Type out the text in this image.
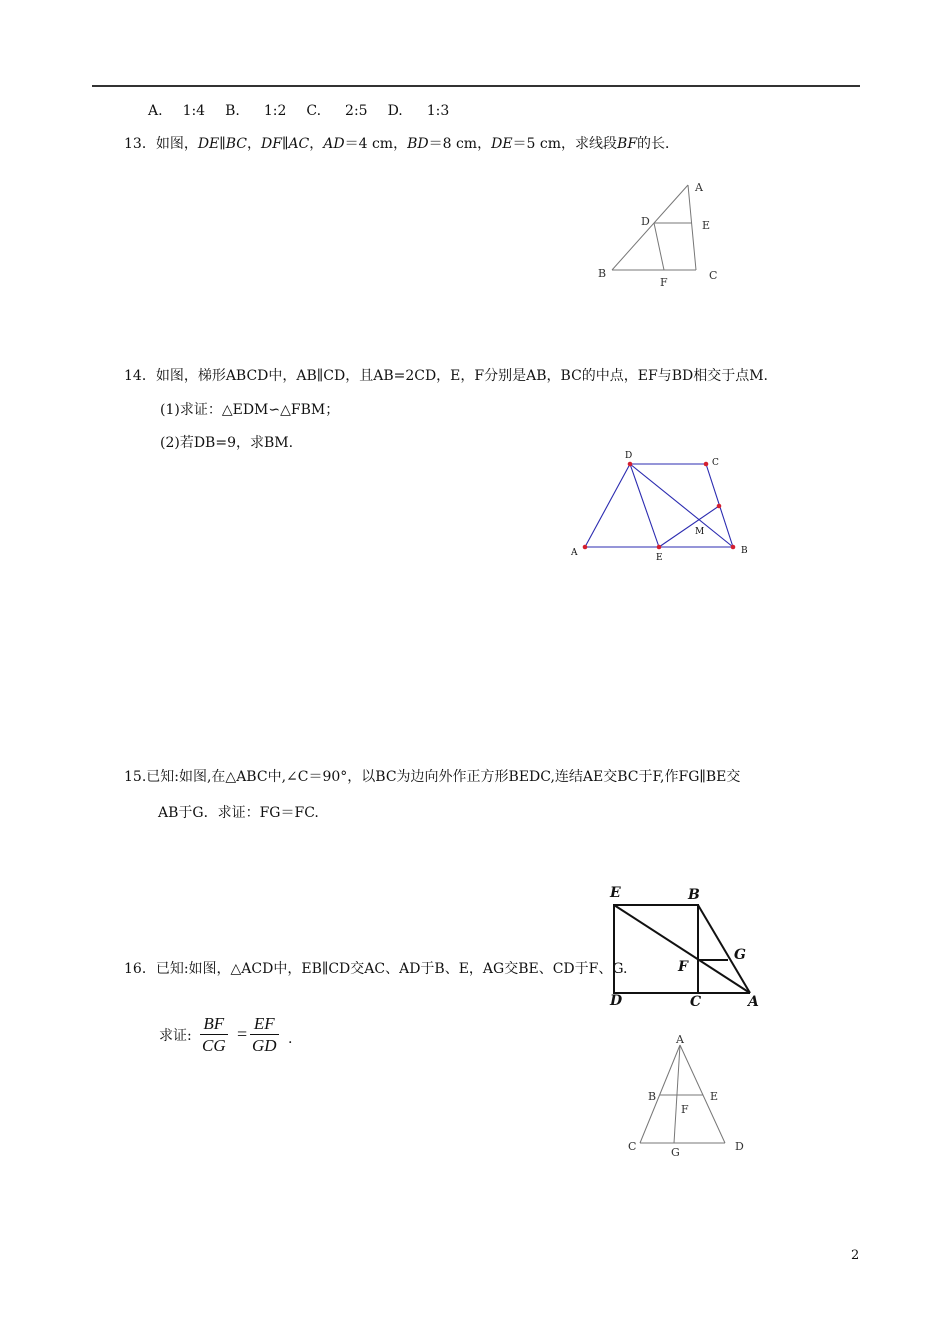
A. 1:4 B. 1:2 C. 2:5 D. 1:3
13．如图，DE∥BC，DF∥AC，AD＝4 cm，BD＝8 cm，DE＝5 cm，求线段BF的长．
A
D	E
B
F
C
14．如图，梯形ABCD中，AB∥CD，且AB=2CD，E，F分别是AB，BC的中点，EF与BD相交于点M.
(1)求证：△EDM∽△FBM；
(2)若DB=9，求BM.
D
C
M
A	E
B
15.已知:如图,在△ABC中,∠C＝90°，以BC为边向外作正方形BEDC,连结AE交BC于F,作FG∥BE交
AB于G．求证：FG＝FC.
E	B
G
F
D	C	A
16．已知:如图，△ACD中，EB∥CD交AC、AD于B、E，AG交BE、CD于F、G.
求证: $\frac{BF}{CG} = \frac{EF}{GD}$ .	A
B	E
F
C	G	D
2
